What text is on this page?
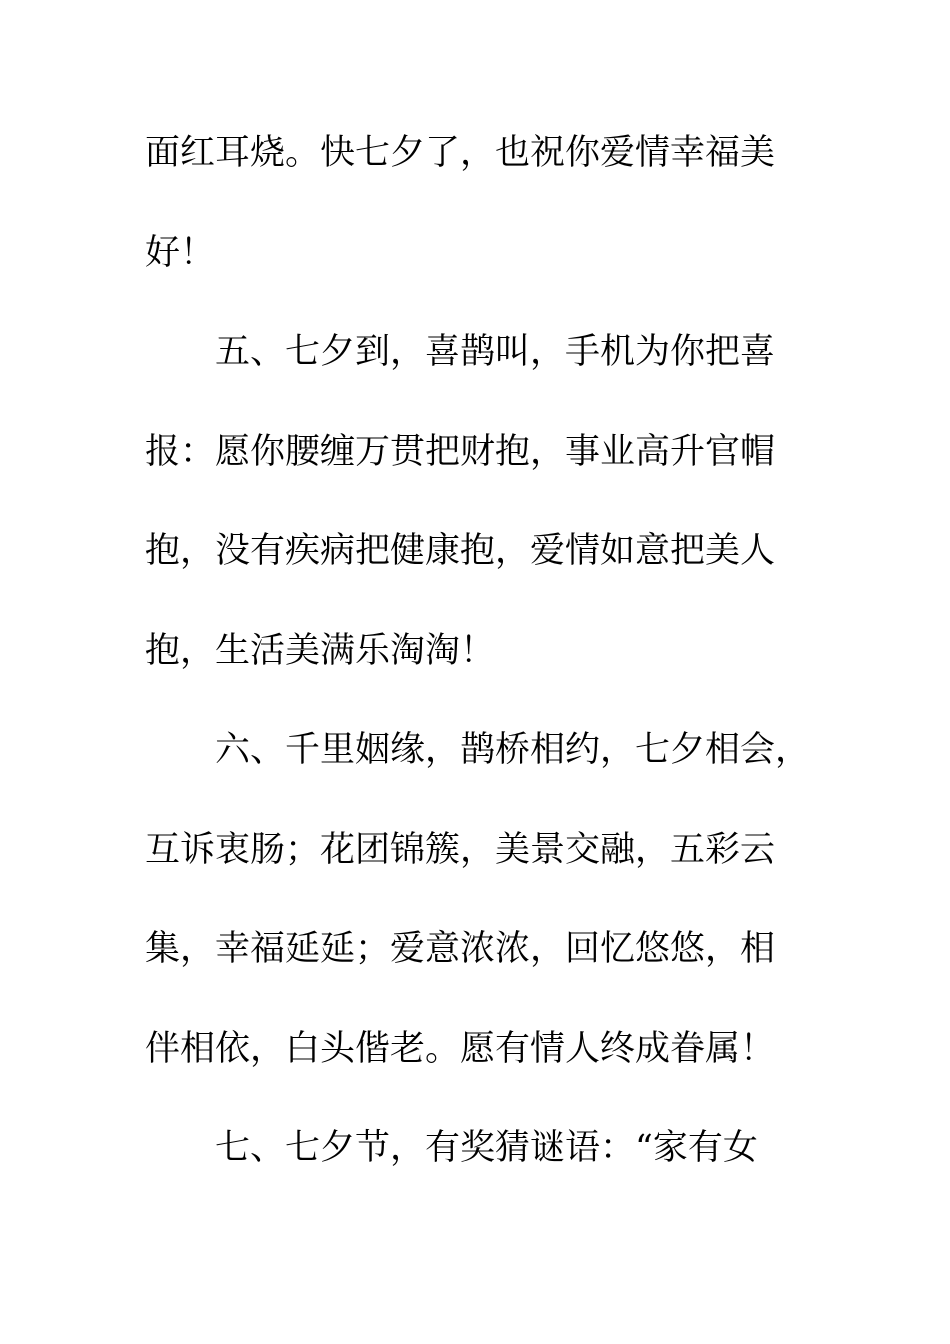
面红耳烧。快七夕了，也祝你爱情幸福美
好！
五、七夕到，喜鹊叫，手机为你把喜
报：愿你腰缠万贯把财抱，事业高升官帽
抱，没有疾病把健康抱，爱情如意把美人
抱，生活美满乐淘淘！
六、千里姻缘，鹊桥相约，七夕相会，
互诉衷肠；花团锦簇，美景交融，五彩云
集，幸福延延；爱意浓浓，回忆悠悠，相
伴相依，白头偕老。愿有情人终成眷属！
七、七夕节，有奖猜谜语：“家有女
